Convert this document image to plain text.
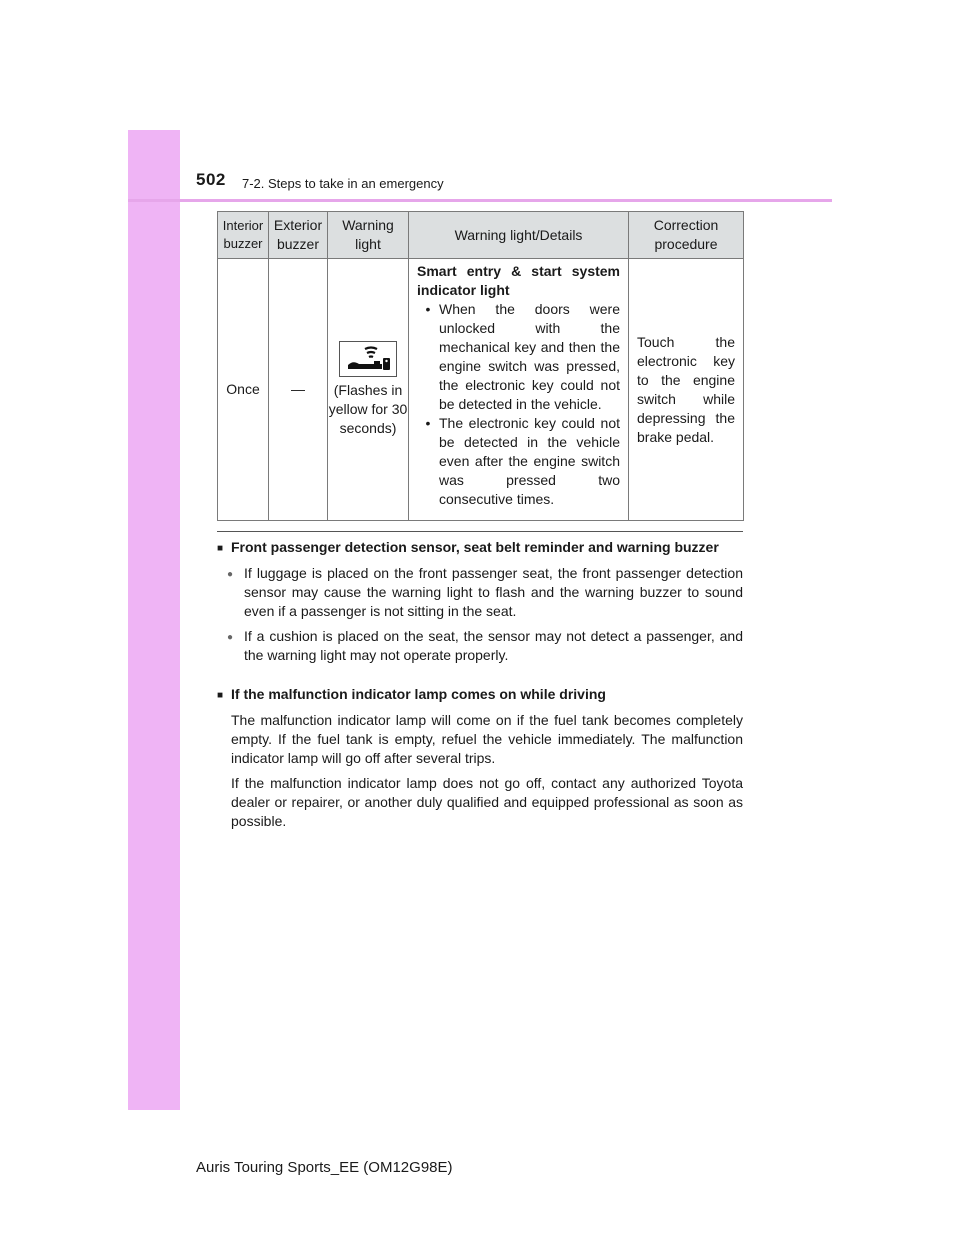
502 7-2. Steps to take in an emergency
Interior buzzer	Exterior buzzer	Warning light	Warning light/Details	Correction procedure
Once	—	(Flashes in yellow for 30 seconds)	Smart entry & start system indicator light
• When the doors were unlocked with the mechanical key and then the engine switch was pressed, the electronic key could not be detected in the vehicle.
• The electronic key could not be detected in the vehicle even after the engine switch was pressed two consecutive times.	Touch the electronic key to the engine switch while depressing the brake pedal.
■ Front passenger detection sensor, seat belt reminder and warning buzzer
● If luggage is placed on the front passenger seat, the front passenger detection sensor may cause the warning light to flash and the warning buzzer to sound even if a passenger is not sitting in the seat.
● If a cushion is placed on the seat, the sensor may not detect a passenger, and the warning light may not operate properly.
■ If the malfunction indicator lamp comes on while driving
The malfunction indicator lamp will come on if the fuel tank becomes completely empty. If the fuel tank is empty, refuel the vehicle immediately. The malfunction indicator lamp will go off after several trips.
If the malfunction indicator lamp does not go off, contact any authorized Toyota dealer or repairer, or another duly qualified and equipped professional as soon as possible.
Auris Touring Sports_EE (OM12G98E)
